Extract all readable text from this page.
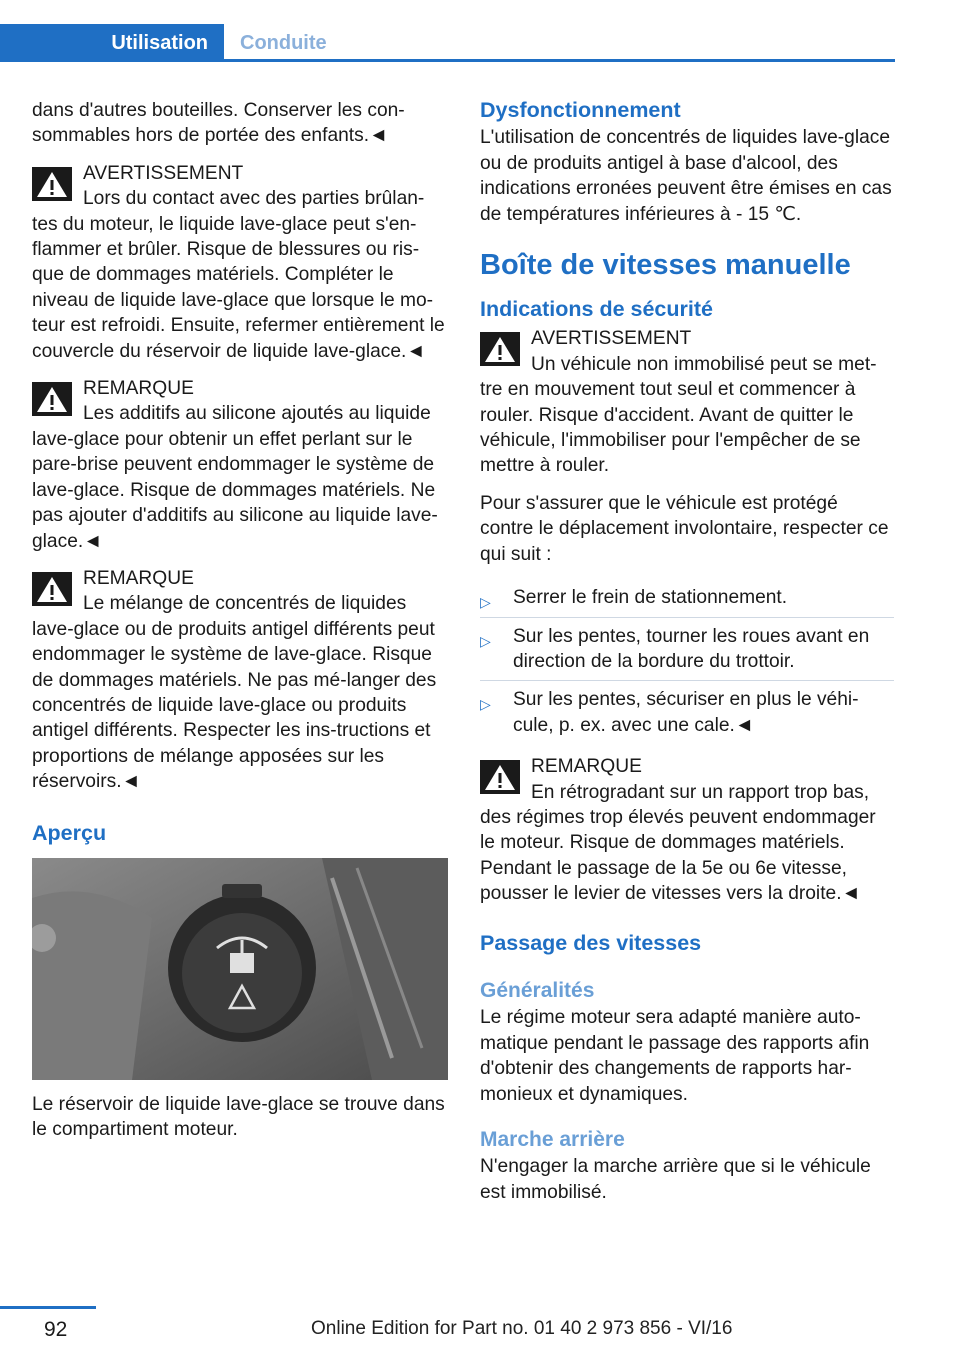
Utilisation	Conduite

dans d'autres bouteilles. Conserver les con-sommables hors de portée des enfants.◄

AVERTISSEMENT
Lors du contact avec des parties brûlan-tes du moteur, le liquide lave-glace peut s'en-flammer et brûler. Risque de blessures ou ris-que de dommages matériels. Compléter le niveau de liquide lave-glace que lorsque le mo-teur est refroidi. Ensuite, refermer entièrement le couvercle du réservoir de liquide lave-glace.◄
REMARQUE
Les additifs au silicone ajoutés au liquide lave-glace pour obtenir un effet perlant sur le pare-brise peuvent endommager le système de lave-glace. Risque de dommages matériels. Ne pas ajouter d'additifs au silicone au liquide lave-glace.◄
REMARQUE
Le mélange de concentrés de liquides lave-glace ou de produits antigel différents peut endommager le système de lave-glace. Risque de dommages matériels. Ne pas mé-langer des concentrés de liquide lave-glace ou produits antigel différents. Respecter les ins-tructions et proportions de mélange apposées sur les réservoirs.◄
Aperçu

Le réservoir de liquide lave-glace se trouve dans le compartiment moteur.

Dysfonctionnement

L'utilisation de concentrés de liquides lave-glace ou de produits antigel à base d'alcool, des indications erronées peuvent être émises en cas de températures inférieures à - 15 ℃.

Boîte de vitesses manuelle
Indications de sécurité
AVERTISSEMENT
Un véhicule non immobilisé peut se met-tre en mouvement tout seul et commencer à rouler. Risque d'accident. Avant de quitter le véhicule, l'immobiliser pour l'empêcher de se mettre à rouler.

Pour s'assurer que le véhicule est protégé contre le déplacement involontaire, respecter ce qui suit :

▷ Serrer le frein de stationnement.
▷ Sur les pentes, tourner les roues avant en direction de la bordure du trottoir.
▷ Sur les pentes, sécuriser en plus le véhi-cule, p. ex. avec une cale.◄
REMARQUE
En rétrogradant sur un rapport trop bas, des régimes trop élevés peuvent endommager le moteur. Risque de dommages matériels. Pendant le passage de la 5e ou 6e vitesse, pousser le levier de vitesses vers la droite.◄
Passage des vitesses
Généralités

Le régime moteur sera adapté manière auto-matique pendant le passage des rapports afin d'obtenir des changements de rapports har-monieux et dynamiques.

Marche arrière

N'engager la marche arrière que si le véhicule est immobilisé.

92	Online Edition for Part no. 01 40 2 973 856 - VI/16
